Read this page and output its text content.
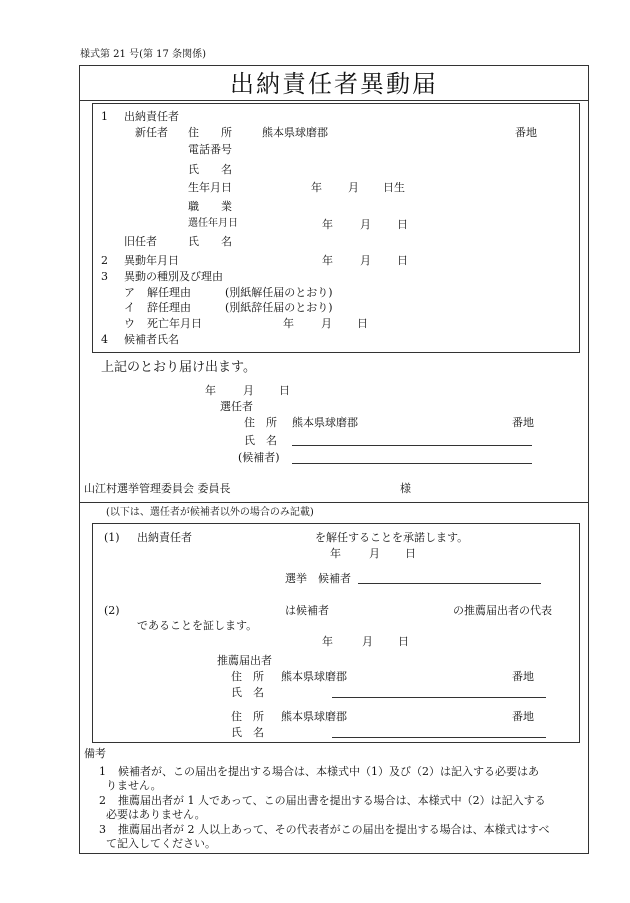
様式第 21 号(第 17 条関係)
出納責任者異動届
1 出納責任者
新任者 住　　所	熊本県球磨郡	番地
電話番号
氏　　名
生年月日	年 月 日生
職　　業
選任年月日	年 月 日
旧任者	氏　　名
2 異動年月日	年 月 日
3 異動の種別及び理由
ア 解任理由	(別紙解任届のとおり)
イ 辞任理由	(別紙辞任届のとおり)
ウ 死亡年月日	年 月 日
4 候補者氏名
上記のとおり届け出ます。
年 月 日
選任者
住　所 熊本県球磨郡	番地
氏　名
(候補者)
山江村選挙管理委員会 委員長	様
(以下は、選任者が候補者以外の場合のみ記載)
(1) 出納責任者	を解任することを承諾します。
年	月 日
選挙　候補者
(2)	は候補者	の推薦届出者の代表
であることを証します。
年	月 日
推薦届出者
住　所 熊本県球磨郡	番地
氏　名
住　所 熊本県球磨郡	番地
氏　名
備考
1 候補者が、この届出を提出する場合は、本様式中（1）及び（2）は記入する必要はあ
りません。
2 推薦届出者が 1 人であって、この届出書を提出する場合は、本様式中（2）は記入する
必要はありません。
3 推薦届出者が 2 人以上あって、その代表者がこの届出を提出する場合は、本様式はすべ
て記入してください。
